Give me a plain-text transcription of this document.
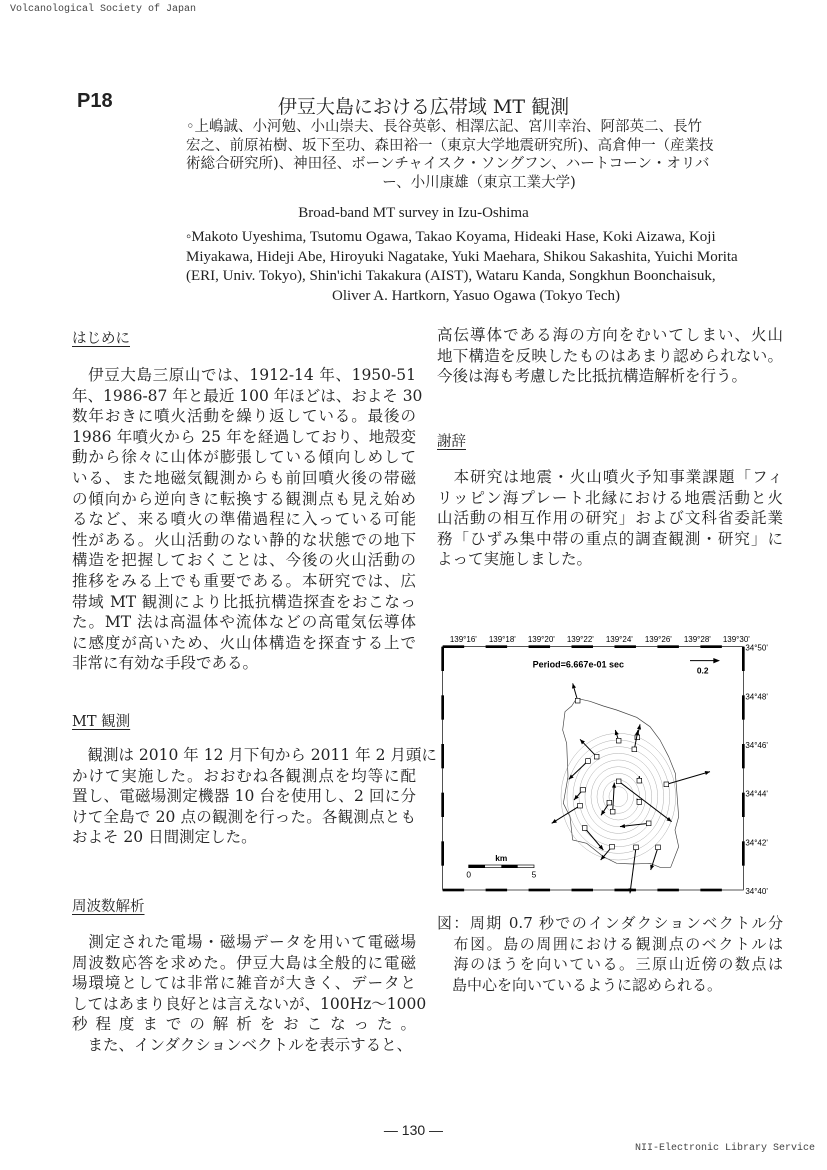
Volcanological Society of Japan
P18	伊豆大島における広帯域 MT 観測
◦上嶋誠、小河勉、小山崇夫、長谷英彰、相澤広記、宮川幸治、阿部英二、長竹
宏之、前原祐樹、坂下至功、森田裕一（東京大学地震研究所)、高倉伸一（産業技
術総合研究所)、神田径、ボーンチャイスク・ソングフン、ハートコーン・オリバ
ー、小川康雄（東京工業大学)
Broad-band MT survey in Izu-Oshima
◦Makoto Uyeshima, Tsutomu Ogawa, Takao Koyama, Hideaki Hase, Koki Aizawa, Koji
Miyakawa, Hideji Abe, Hiroyuki Nagatake, Yuki Maehara, Shikou Sakashita, Yuichi Morita
(ERI, Univ. Tokyo), Shin'ichi Takakura (AIST), Wataru Kanda, Songkhun Boonchaisuk,
Oliver A. Hartkorn, Yasuo Ogawa (Tokyo Tech)
はじめに
　伊豆大島三原山では、1912-14 年、1950-51
年、1986-87 年と最近 100 年ほどは、およそ 30
数年おきに噴火活動を繰り返している。最後の
1986 年噴火から 25 年を経過しており、地殻変
動から徐々に山体が膨張している傾向しめして
いる、また地磁気観測からも前回噴火後の帯磁
の傾向から逆向きに転換する観測点も見え始め
るなど、来る噴火の準備過程に入っている可能
性がある。火山活動のない静的な状態での地下
構造を把握しておくことは、今後の火山活動の
推移をみる上でも重要である。本研究では、広
帯域 MT 観測により比抵抗構造探査をおこなっ
た。MT 法は高温体や流体などの高電気伝導体
に感度が高いため、火山体構造を探査する上で
非常に有効な手段である。
MT 観測
　観測は 2010 年 12 月下旬から 2011 年 2 月頭に
かけて実施した。おおむね各観測点を均等に配
置し、電磁場測定機器 10 台を使用し、2 回に分
けて全島で 20 点の観測を行った。各観測点とも
およそ 20 日間測定した。
周波数解析
　測定された電場・磁場データを用いて電磁場
周波数応答を求めた。伊豆大島は全般的に電磁
場環境としては非常に雑音が大きく、データと
してはあまり良好とは言えないが、100Hz～1000
秒程度までの解析をおこなった。
　また、インダクションベクトルを表示すると、
高伝導体である海の方向をむいてしまい、火山
地下構造を反映したものはあまり認められない。
今後は海も考慮した比抵抗構造解析を行う。
謝辞
　本研究は地震・火山噴火予知事業課題「フィ
リッピン海プレート北縁における地震活動と火
山活動の相互作用の研究」および文科省委託業
務「ひずみ集中帯の重点的調査観測・研究」に
よって実施しました。
139°16' 139°18' 139°20' 139°22' 139°24' 139°26' 139°28' 139°30'
34°50'
34°48'
34°46'
34°44'
34°42'
34°40'
Period=6.667e-01 sec
0.2
km
0 5
図：周期 0.7 秒でのインダクションベクトル分
　布図。島の周囲における観測点のベクトルは
　海のほうを向いている。三原山近傍の数点は
　島中心を向いているように認められる。
— 130 —
NII-Electronic Library Service
